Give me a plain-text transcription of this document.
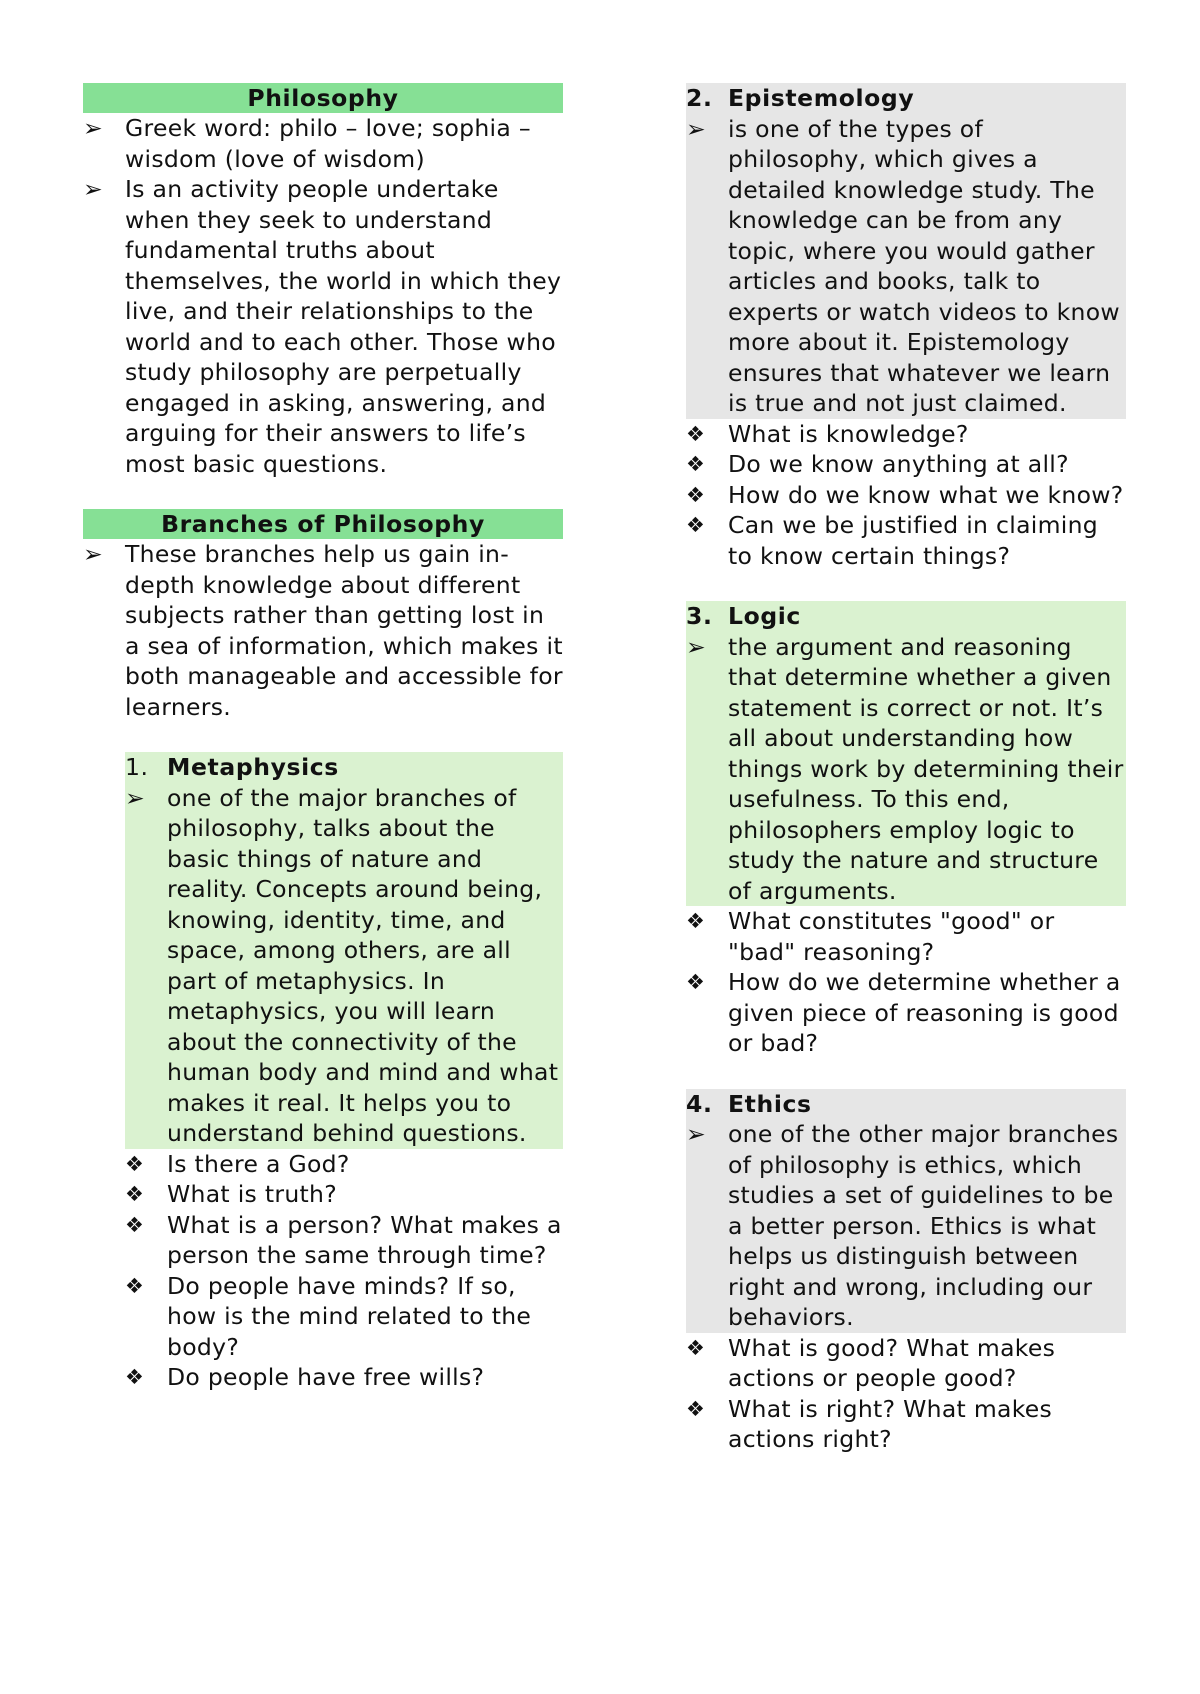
Philosophy
➢ Greek word: philo – love; sophia – wisdom (love of wisdom)
➢ Is an activity people undertake when they seek to understand fundamental truths about themselves, the world in which they live, and their relationships to the world and to each other. Those who study philosophy are perpetually engaged in asking, answering, and arguing for their answers to life’s most basic questions.
Branches of Philosophy
➢ These branches help us gain in-depth knowledge about different subjects rather than getting lost in a sea of information, which makes it both manageable and accessible for learners.
1. Metaphysics
➢ one of the major branches of philosophy, talks about the basic things of nature and reality. Concepts around being, knowing, identity, time, and space, among others, are all part of metaphysics. In metaphysics, you will learn about the connectivity of the human body and mind and what makes it real. It helps you to understand behind questions.
❖ Is there a God?
❖ What is truth?
❖ What is a person? What makes a person the same through time?
❖ Do people have minds? If so, how is the mind related to the body?
❖ Do people have free wills?
2. Epistemology
➢ is one of the types of philosophy, which gives a detailed knowledge study. The knowledge can be from any topic, where you would gather articles and books, talk to experts or watch videos to know more about it. Epistemology ensures that whatever we learn is true and not just claimed.
❖ What is knowledge?
❖ Do we know anything at all?
❖ How do we know what we know?
❖ Can we be justified in claiming to know certain things?
3. Logic
➢ the argument and reasoning that determine whether a given statement is correct or not. It’s all about understanding how things work by determining their usefulness. To this end, philosophers employ logic to study the nature and structure of arguments.
❖ What constitutes "good" or "bad" reasoning?
❖ How do we determine whether a given piece of reasoning is good or bad?
4. Ethics
➢ one of the other major branches of philosophy is ethics, which studies a set of guidelines to be a better person. Ethics is what helps us distinguish between right and wrong, including our behaviors.
❖ What is good? What makes actions or people good?
❖ What is right? What makes actions right?
